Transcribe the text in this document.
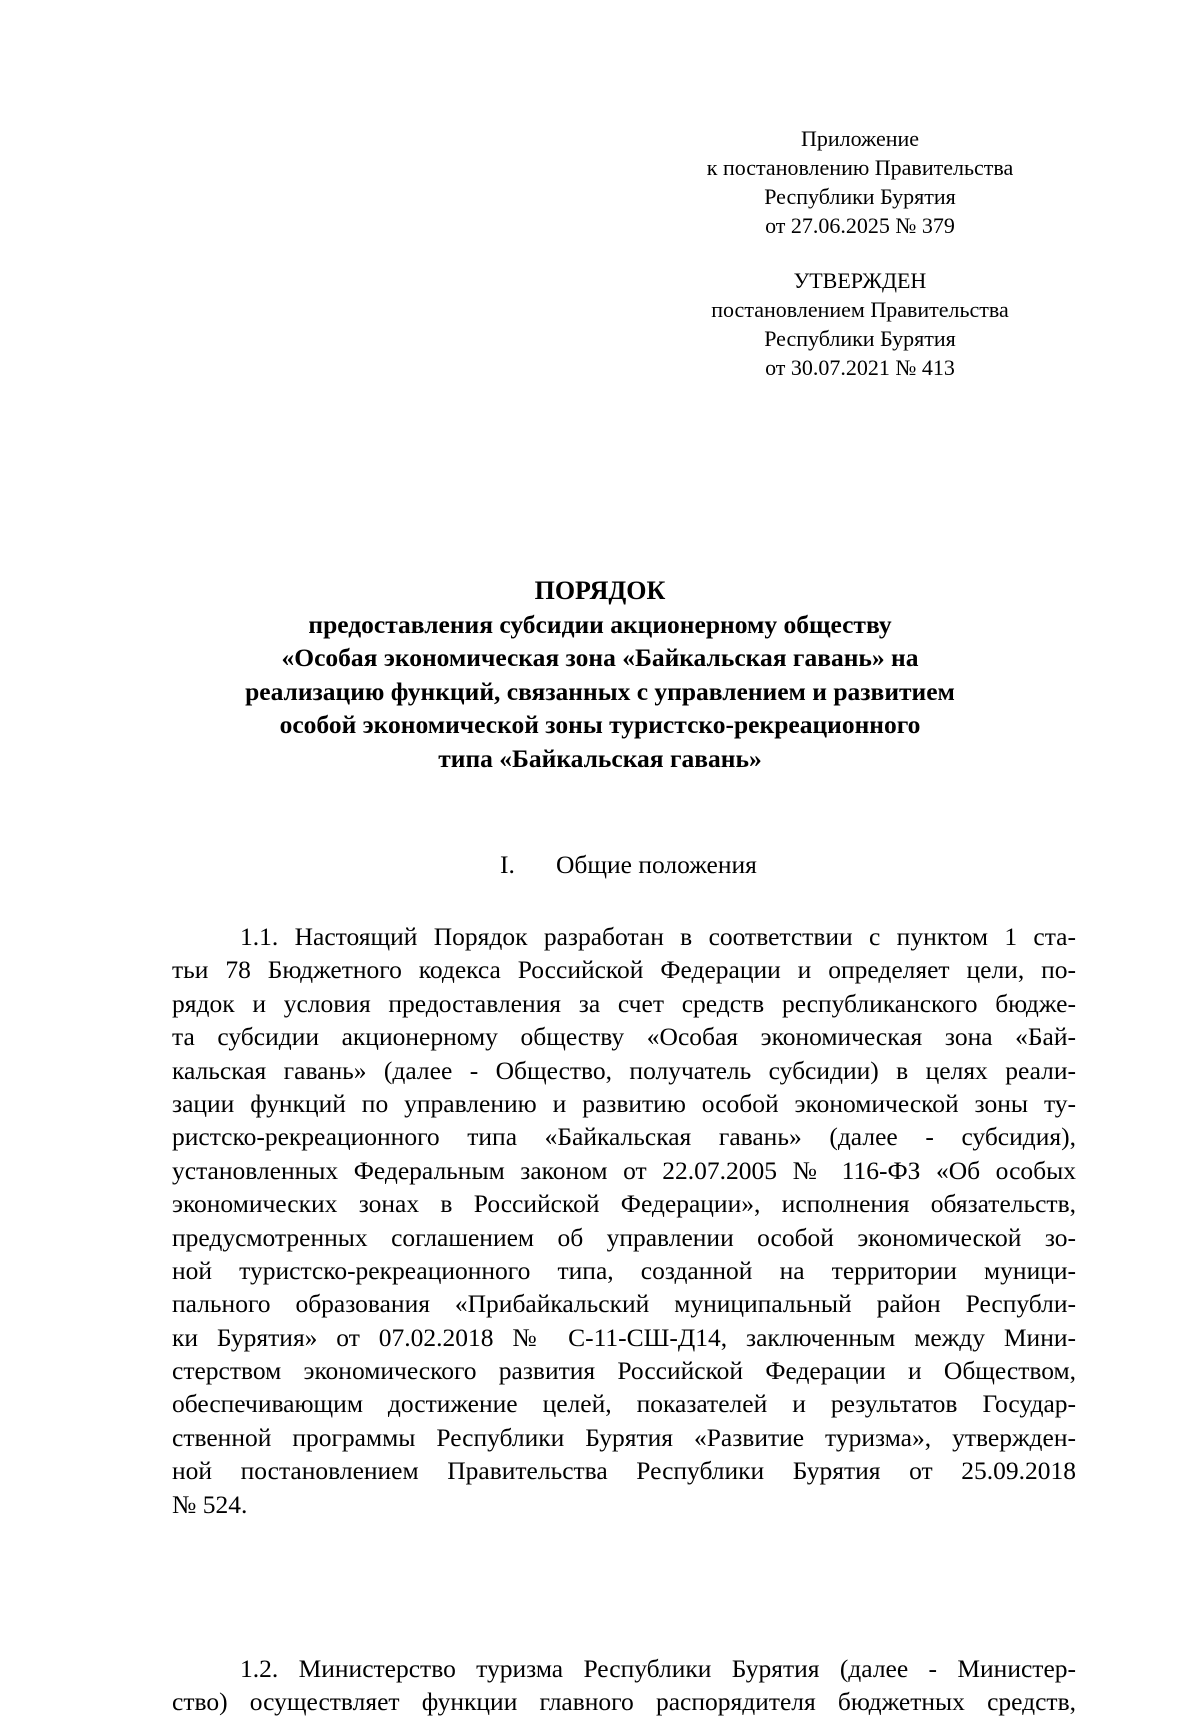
Приложение
к постановлению Правительства
Республики Бурятия
от 27.06.2025 № 379
УТВЕРЖДЕН
постановлением Правительства
Республики Бурятия
от 30.07.2021 № 413
ПОРЯДОК
предоставления субсидии акционерному обществу
«Особая экономическая зона «Байкальская гавань» на
реализацию функций, связанных с управлением и развитием
особой экономической зоны туристско-рекреационного
типа «Байкальская гавань»
I. Общие положения
1.1. Настоящий Порядок разработан в соответствии с пунктом 1 ста-
тьи 78 Бюджетного кодекса Российской Федерации и определяет цели, по-
рядок и условия предоставления за счет средств республиканского бюдже-
та субсидии акционерному обществу «Особая экономическая зона «Бай-
кальская гавань» (далее - Общество, получатель субсидии) в целях реали-
зации функций по управлению и развитию особой экономической зоны ту-
ристско-рекреационного типа «Байкальская гавань» (далее - субсидия),
установленных Федеральным законом от 22.07.2005 № 116-ФЗ «Об особых
экономических зонах в Российской Федерации», исполнения обязательств,
предусмотренных соглашением об управлении особой экономической зо-
ной туристско-рекреационного типа, созданной на территории муници-
пального образования «Прибайкальский муниципальный район Республи-
ки Бурятия» от 07.02.2018 № С-11-СШ-Д14, заключенным между Мини-
стерством экономического развития Российской Федерации и Обществом,
обеспечивающим достижение целей, показателей и результатов Государ-
ственной программы Республики Бурятия «Развитие туризма», утвержден-
ной постановлением Правительства Республики Бурятия от 25.09.2018
№ 524.
1.2. Министерство туризма Республики Бурятия (далее - Министер-
ство) осуществляет функции главного распорядителя бюджетных средств,
